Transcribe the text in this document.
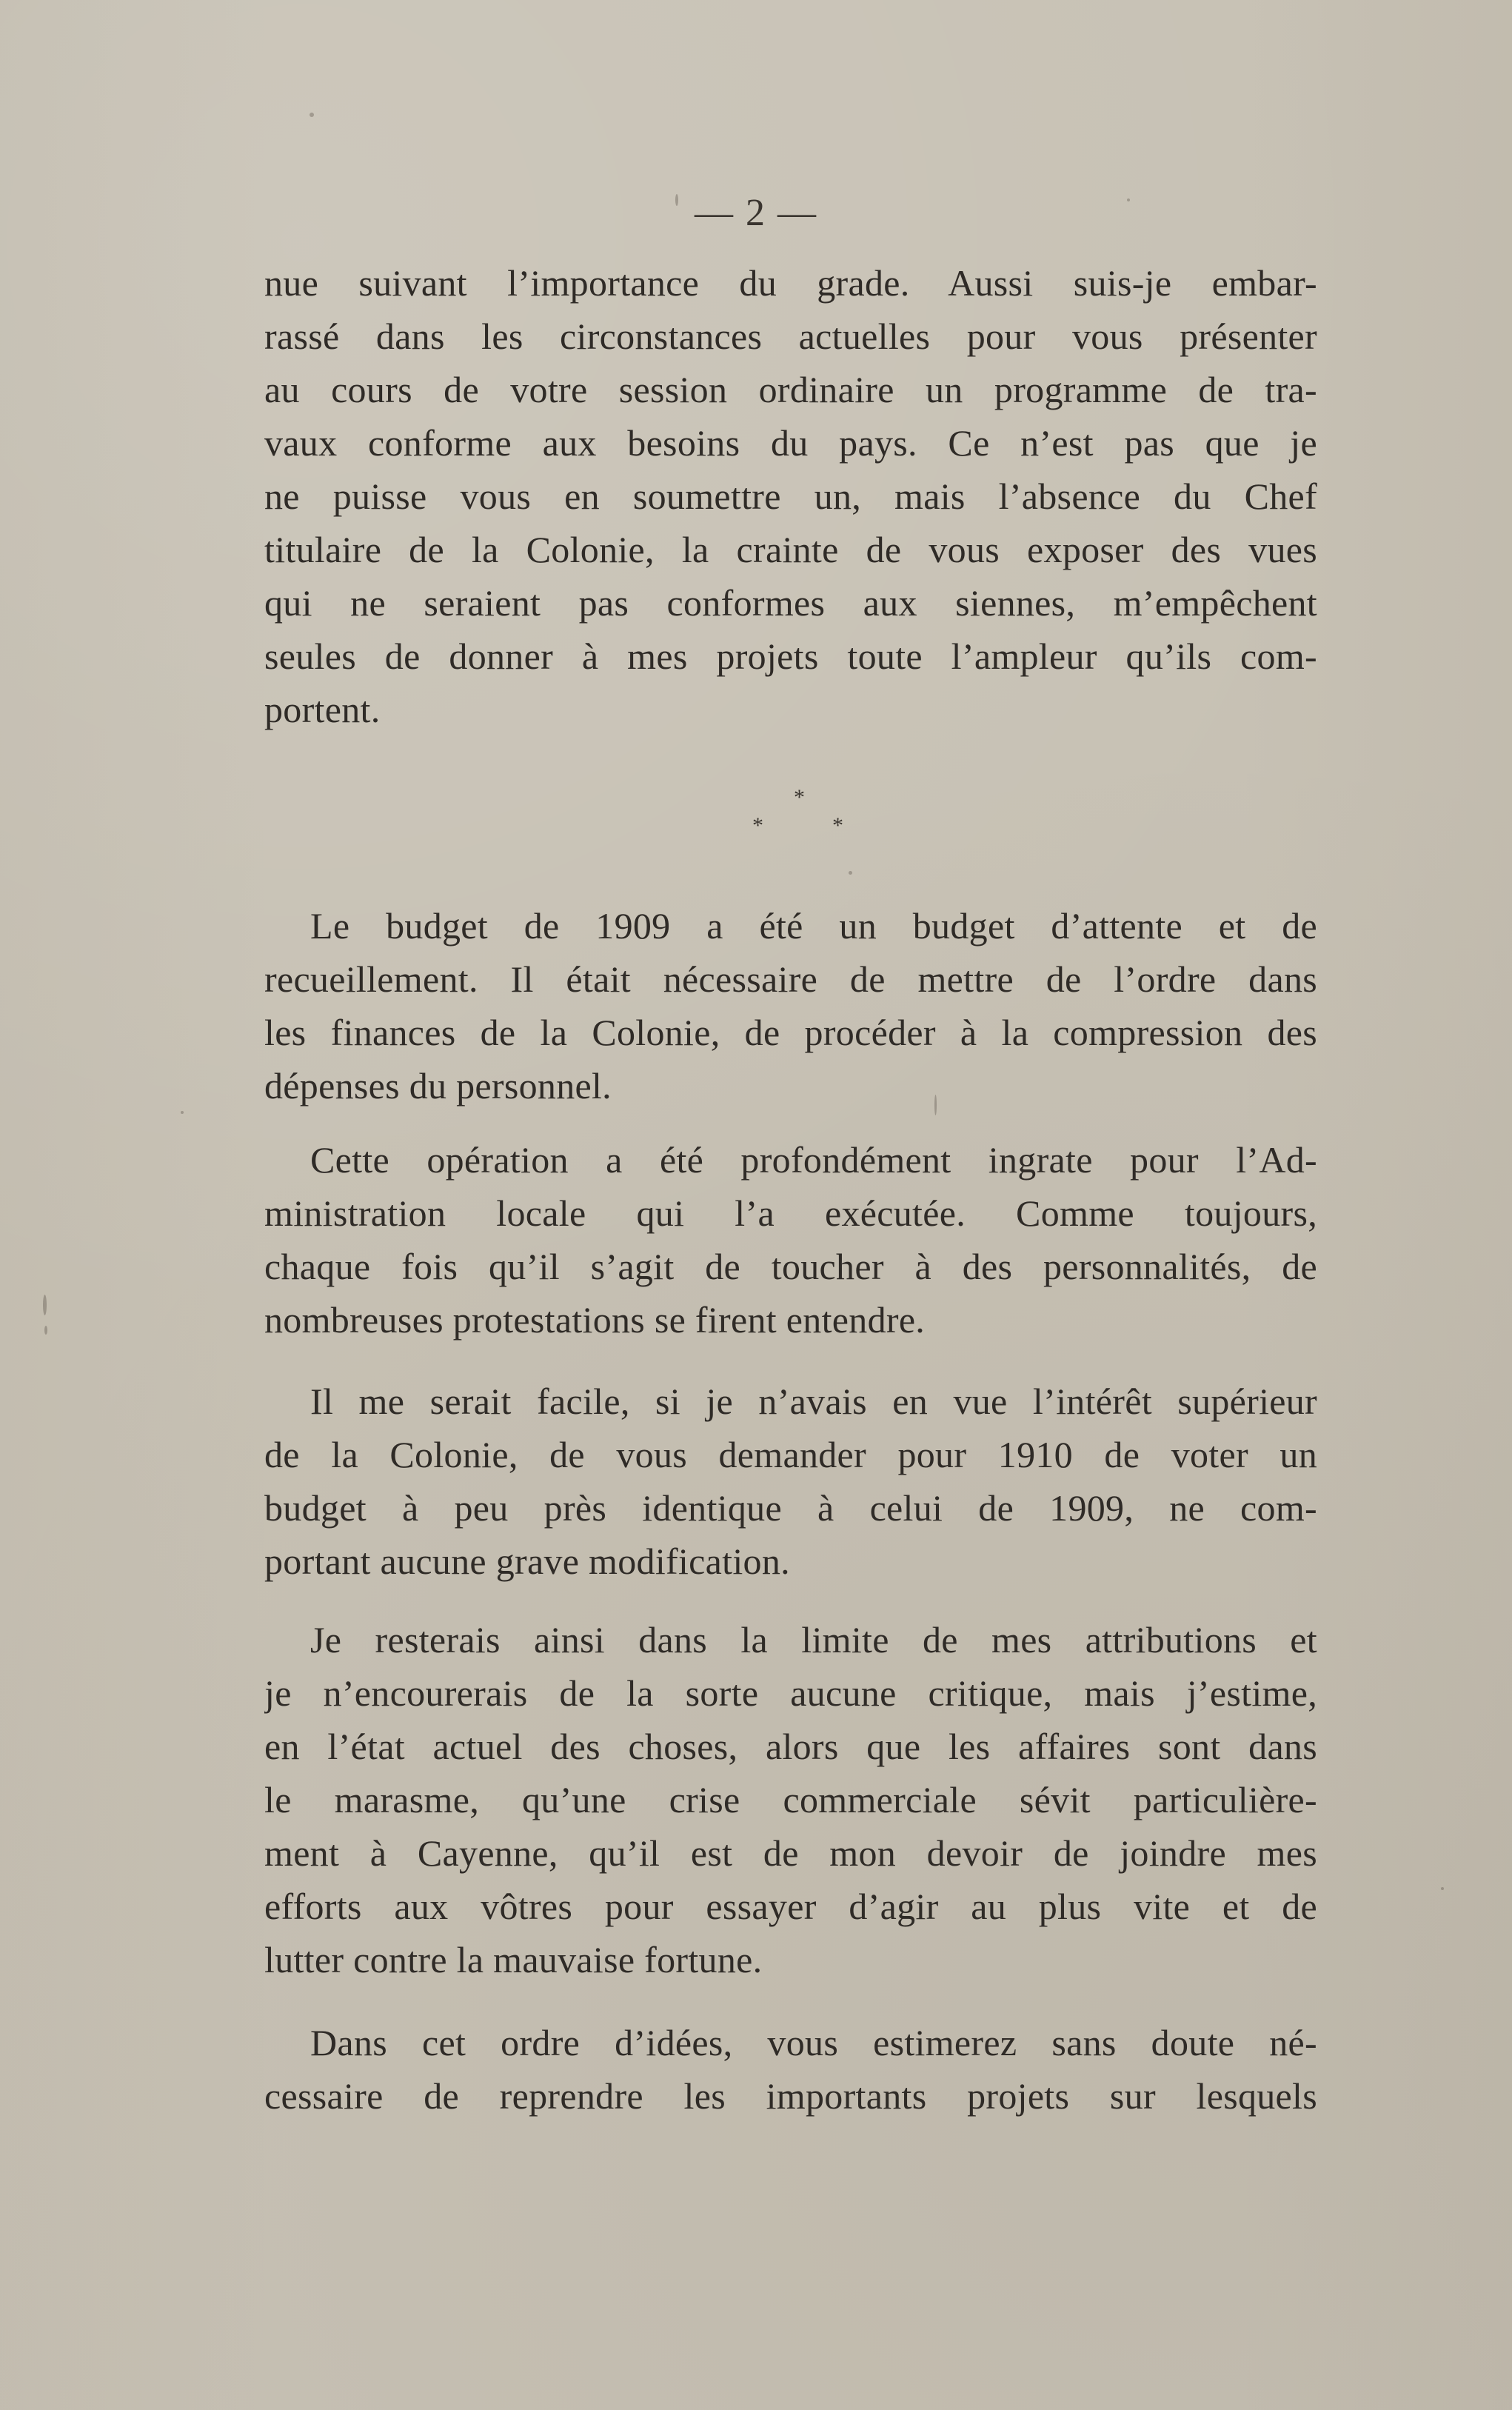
— 2 —
nue suivant l’importance du grade. Aussi suis-je embar-
rassé dans les circonstances actuelles pour vous présenter
au cours de votre session ordinaire un programme de tra-
vaux conforme aux besoins du pays. Ce n’est pas que je
ne puisse vous en soumettre un, mais l’absence du Chef
titulaire de la Colonie, la crainte de vous exposer des vues
qui ne seraient pas conformes aux siennes, m’empêchent
seules de donner à mes projets toute l’ampleur qu’ils com-
portent.
*
*	*
Le budget de 1909 a été un budget d’attente et de
recueillement. Il était nécessaire de mettre de l’ordre dans
les finances de la Colonie, de procéder à la compression des
dépenses du personnel.
Cette opération a été profondément ingrate pour l’Ad-
ministration locale qui l’a exécutée. Comme toujours,
chaque fois qu’il s’agit de toucher à des personnalités, de
nombreuses protestations se firent entendre.
Il me serait facile, si je n’avais en vue l’intérêt supérieur
de la Colonie, de vous demander pour 1910 de voter un
budget à peu près identique à celui de 1909, ne com-
portant aucune grave modification.
Je resterais ainsi dans la limite de mes attributions et
je n’encourerais de la sorte aucune critique, mais j’estime,
en l’état actuel des choses, alors que les affaires sont dans
le marasme, qu’une crise commerciale sévit particulière-
ment à Cayenne, qu’il est de mon devoir de joindre mes
efforts aux vôtres pour essayer d’agir au plus vite et de
lutter contre la mauvaise fortune.
Dans cet ordre d’idées, vous estimerez sans doute né-
cessaire de reprendre les importants projets sur lesquels
